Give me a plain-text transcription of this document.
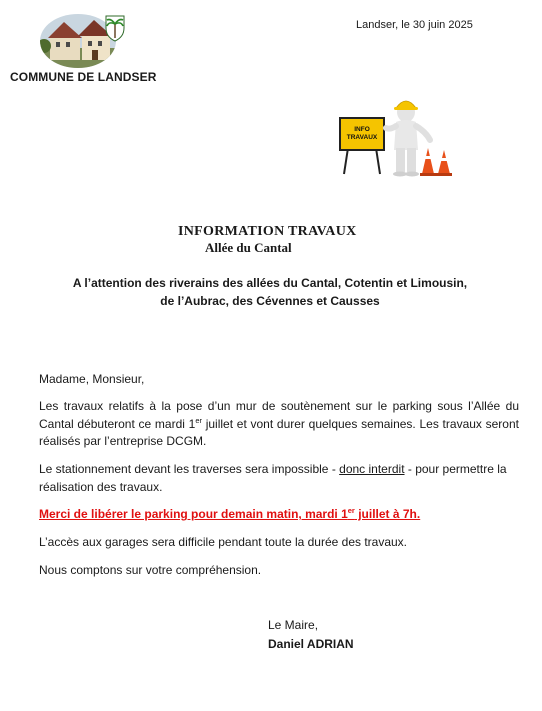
COMMUNE DE LANDSER
Landser, le 30 juin 2025
INFO
TRAVAUX
INFORMATION TRAVAUX
Allée du Cantal
A l’attention des riverains des allées du Cantal, Cotentin et Limousin,
de l’Aubrac, des Cévennes et Causses
Madame, Monsieur,
Les travaux relatifs à la pose d’un mur de soutènement sur le parking sous l’Allée du Cantal débuteront ce mardi 1er juillet et vont durer quelques semaines. Les travaux seront réalisés par l’entreprise DCGM.
Le stationnement devant les traverses sera impossible - donc interdit - pour permettre la réalisation des travaux.
Merci de libérer le parking pour demain matin, mardi 1er juillet à 7h.
L’accès aux garages sera difficile pendant toute la durée des travaux.
Nous comptons sur votre compréhension.
Le Maire,
Daniel ADRIAN
